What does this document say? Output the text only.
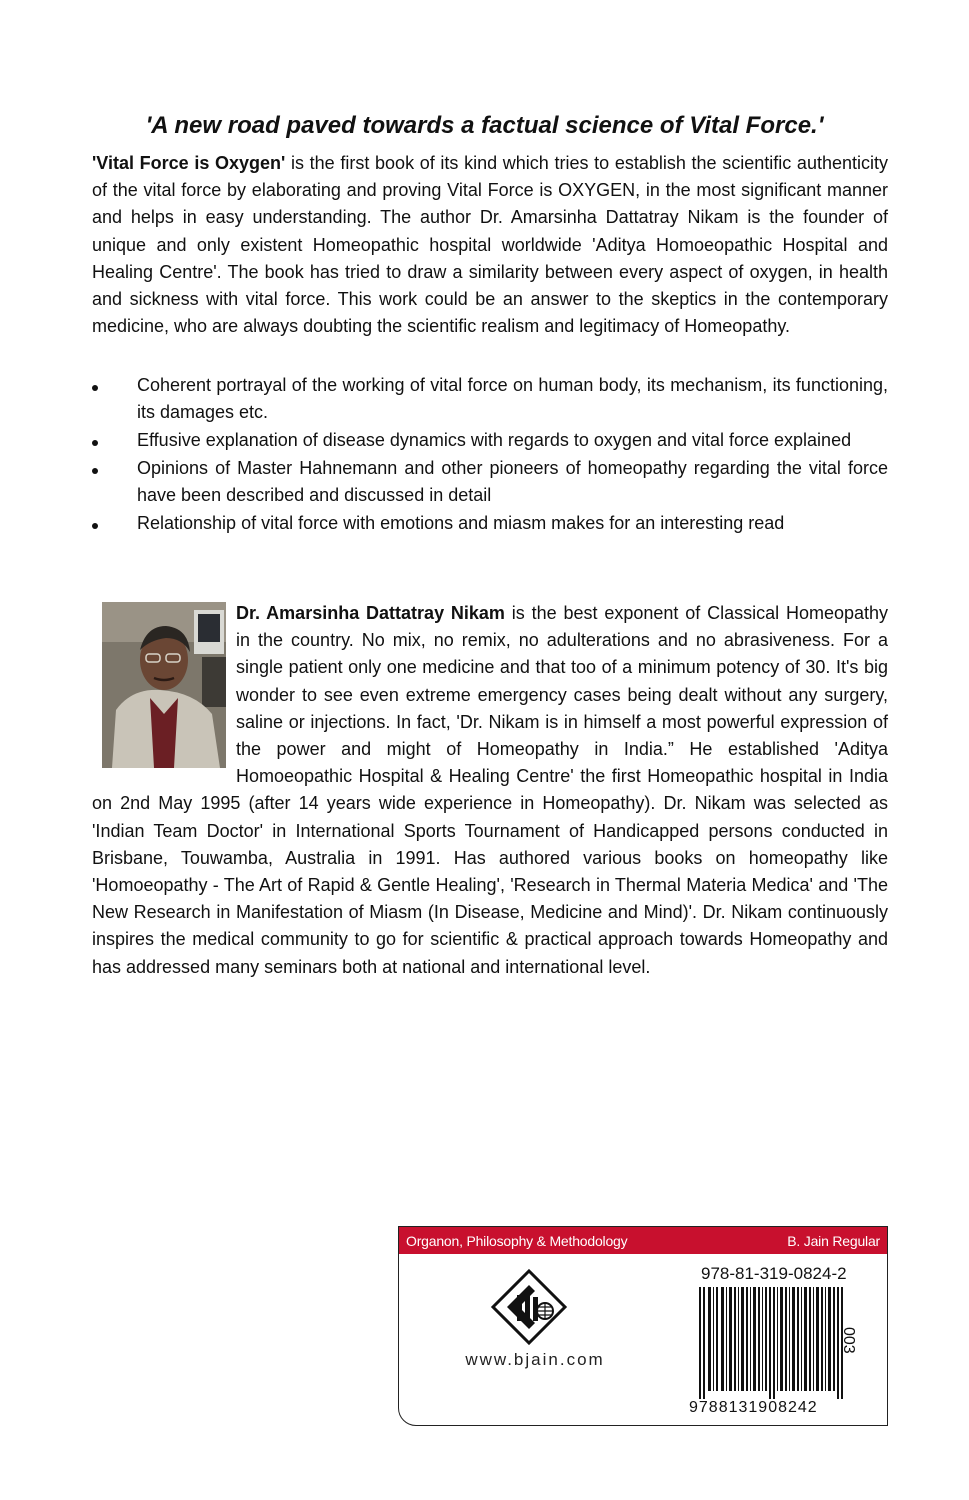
'A new road paved towards a factual science of Vital Force.'

'Vital Force is Oxygen' is the first book of its kind which tries to establish the scientific authenticity of the vital force by elaborating and proving Vital Force is OXYGEN, in the most significant manner and helps in easy understanding. The author Dr. Amarsinha Dattatray Nikam is the founder of unique and only existent Homeopathic hospital worldwide 'Aditya Homoeopathic Hospital and Healing Centre'. The book has tried to draw a similarity between every aspect of oxygen, in health and sickness with vital force. This work could be an answer to the skeptics in the contemporary medicine, who are always doubting the scientific realism and legitimacy of Homeopathy.

Coherent portrayal of the working of vital force on human body, its mechanism, its functioning, its damages etc.
Effusive explanation of disease dynamics with regards to oxygen and vital force explained
Opinions of Master Hahnemann and other pioneers of homeopathy regarding the vital force have been described and discussed in detail
Relationship of vital force with emotions and miasm makes for an interesting read

Dr. Amarsinha Dattatray Nikam is the best exponent of Classical Homeopathy in the country. No mix, no remix, no adulterations and no abrasiveness. For a single patient only one medicine and that too of a minimum potency of 30. It's big wonder to see even extreme emergency cases being dealt without any surgery, saline or injections. In fact, 'Dr. Nikam is in himself a most powerful expression of the power and might of Homeopathy in India.” He established 'Aditya Homoeopathic Hospital & Healing Centre' the first Homeopathic hospital in India on 2nd May 1995 (after 14 years wide experience in Homeopathy). Dr. Nikam was selected as 'Indian Team Doctor' in International Sports Tournament of Handicapped persons conducted in Brisbane, Touwamba, Australia in 1991. Has authored various books on homeopathy like 'Homoeopathy - The Art of Rapid & Gentle Healing', 'Research in Thermal Materia Medica' and 'The New Research in Manifestation of Miasm (In Disease, Medicine and Mind)'. Dr. Nikam continuously inspires the medical community to go for scientific & practical approach towards Homeopathy and has addressed many seminars both at national and international level.

Organon, Philosophy & Methodology	B. Jain Regular
www.bjain.com
978-81-319-0824-2
9788131908242
003
